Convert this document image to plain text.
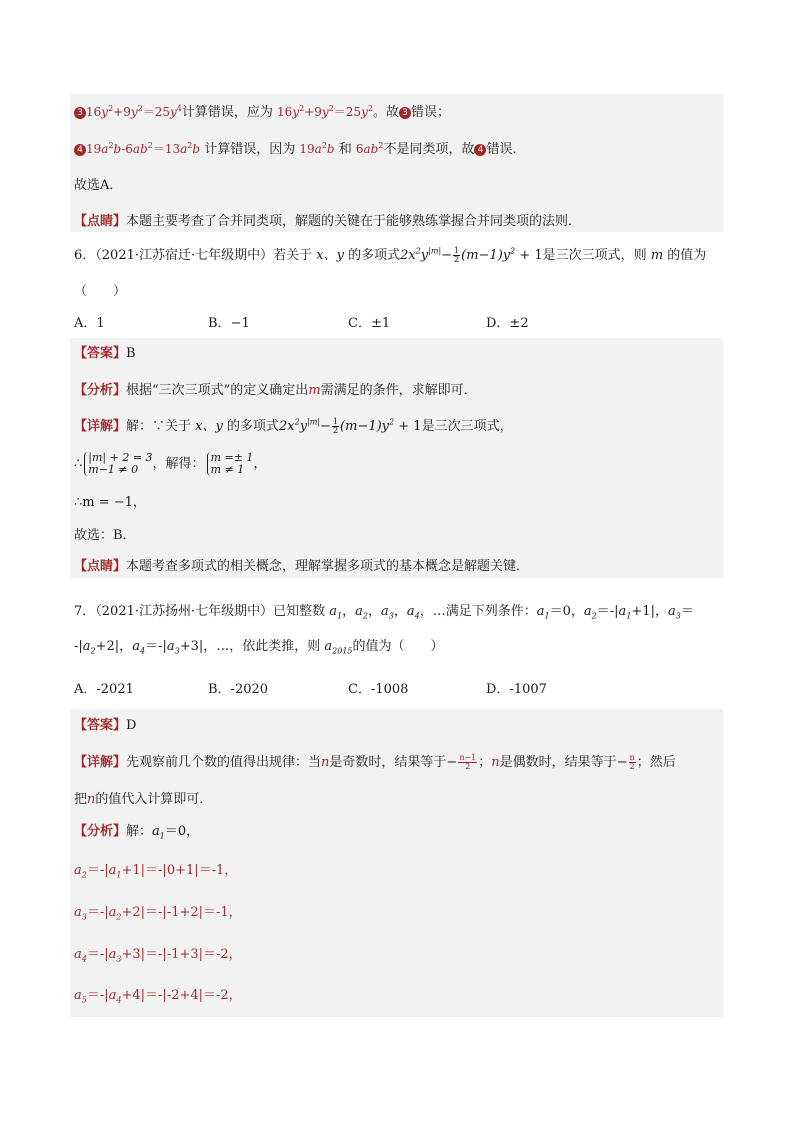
3 $16y^2+9y^2=25y^4$计算错误，应为 $16y^2+9y^2=25y^2$。故 3 错误；
4 $19a^2b-6ab^2=13a^2b$ 计算错误，因为 $19a^2b$ 和 $6ab^2$不是同类项，故 4 错误．
故选A．
【点睛】本题主要考查了合并同类项，解题的关键在于能够熟练掌握合并同类项的法则．
6．（2021·江苏宿迁·七年级期中）若关于 x、y 的多项式$2x^2y^{|m|}- \frac{1}{2} (m-1)y^2 + 1$是三次三项式，则 m 的值为
（　　）
A．1	B．−1	C．±1	D．±2
【答案】B
【分析】根据“三次三项式”的定义确定出m需满足的条件，求解即可．
【详解】解：∵关于 x、y 的多项式$2x^2y^{|m|}- \frac{1}{2} (m-1)y^2 + 1$是三次三项式，
∴ |m| + 2 = 3
m−1 ≠ 0	，解得： m =± 1
m ≠ 1 ，
∴m = −1，
故选：B．
【点睛】本题考查多项式的相关概念，理解掌握多项式的基本概念是解题关键．
7．（2021·江苏扬州·七年级期中）已知整数 $a_1$，$a_2$，$a_3$，$a_4$，…满足下列条件：$a_1=0$，$a_2=-|a_1+1|$，$a_3=$
$-|a_2+2|$，$a_4=-|a_3+3|$，…，依此类推，则 $a_{2015}$的值为（　　）
A．-2021	B．-2020	C．-1008	D．-1007
【答案】D
【详解】先观察前几个数的值得出规律：当n是奇数时，结果等于− $\frac{n-1}{2}$ ；n是偶数时，结果等于− $\frac{n}{2}$ ；然后
把n的值代入计算即可．
【分析】解：$a_1=0$，
$a_2=-|a_1+1|=-|0+1|=-1$，
$a_3=-|a_2+2|=-|-1+2|=-1$，
$a_4=-|a_3+3|=-|-1+3|=-2$，
$a_5=-|a_4+4|=-|-2+4|=-2$，
